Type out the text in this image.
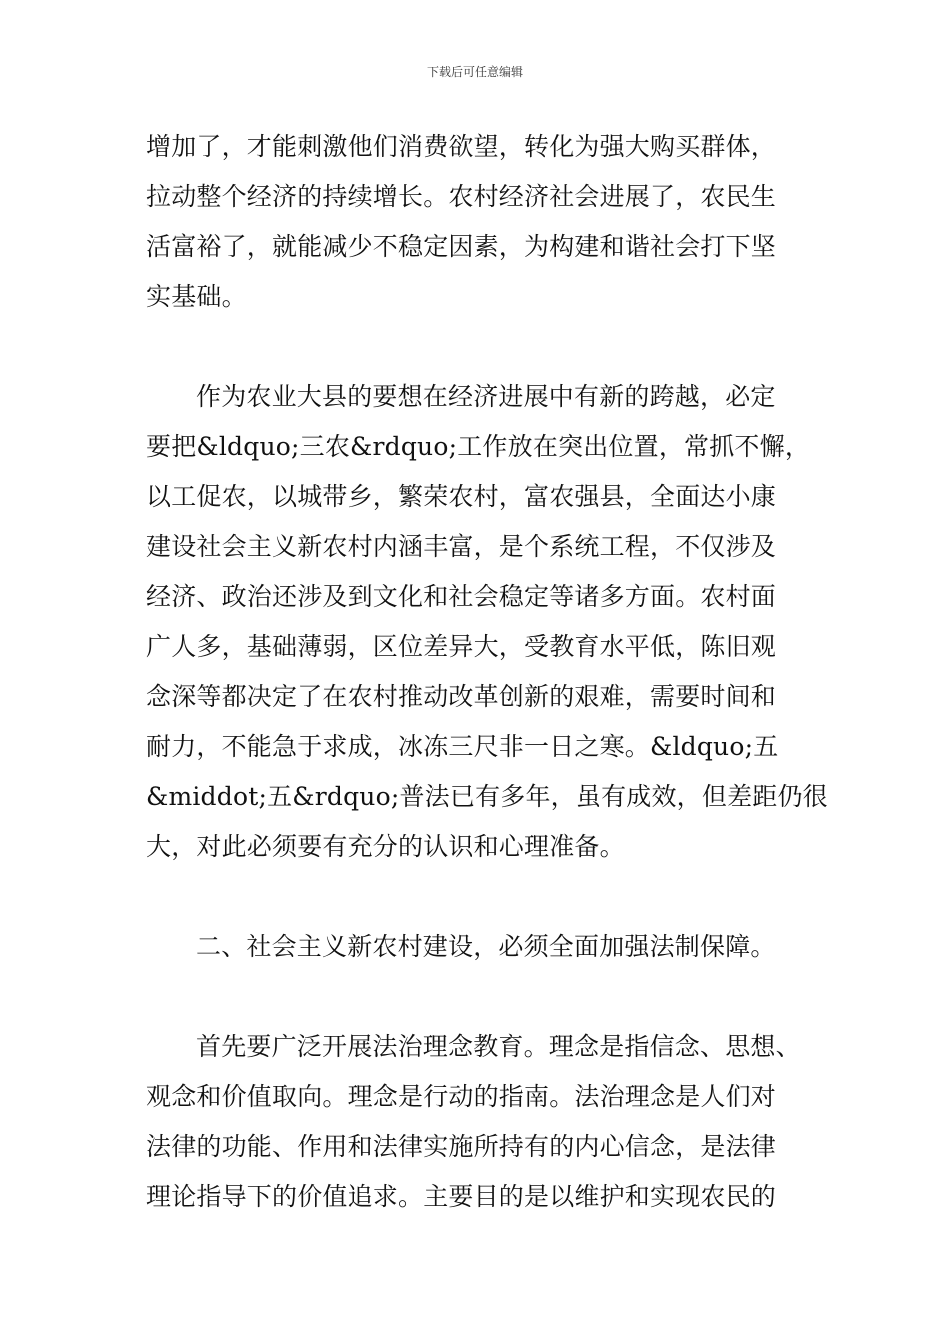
下载后可任意编辑
增加了，才能刺激他们消费欲望，转化为强大购买群体，
拉动整个经济的持续增长。农村经济社会进展了，农民生
活富裕了，就能减少不稳定因素，为构建和谐社会打下坚
实基础。
作为农业大县的要想在经济进展中有新的跨越，必定
要把&ldquo;三农&rdquo;工作放在突出位置，常抓不懈，
以工促农，以城带乡，繁荣农村，富农强县，全面达小康
建设社会主义新农村内涵丰富，是个系统工程，不仅涉及
经济、政治还涉及到文化和社会稳定等诸多方面。农村面
广人多，基础薄弱，区位差异大，受教育水平低，陈旧观
念深等都决定了在农村推动改革创新的艰难，需要时间和
耐力，不能急于求成，冰冻三尺非一日之寒。&ldquo;五
&middot;五&rdquo;普法已有多年，虽有成效，但差距仍很
大，对此必须要有充分的认识和心理准备。
二、社会主义新农村建设，必须全面加强法制保障。
首先要广泛开展法治理念教育。理念是指信念、思想、
观念和价值取向。理念是行动的指南。法治理念是人们对
法律的功能、作用和法律实施所持有的内心信念，是法律
理论指导下的价值追求。主要目的是以维护和实现农民的
